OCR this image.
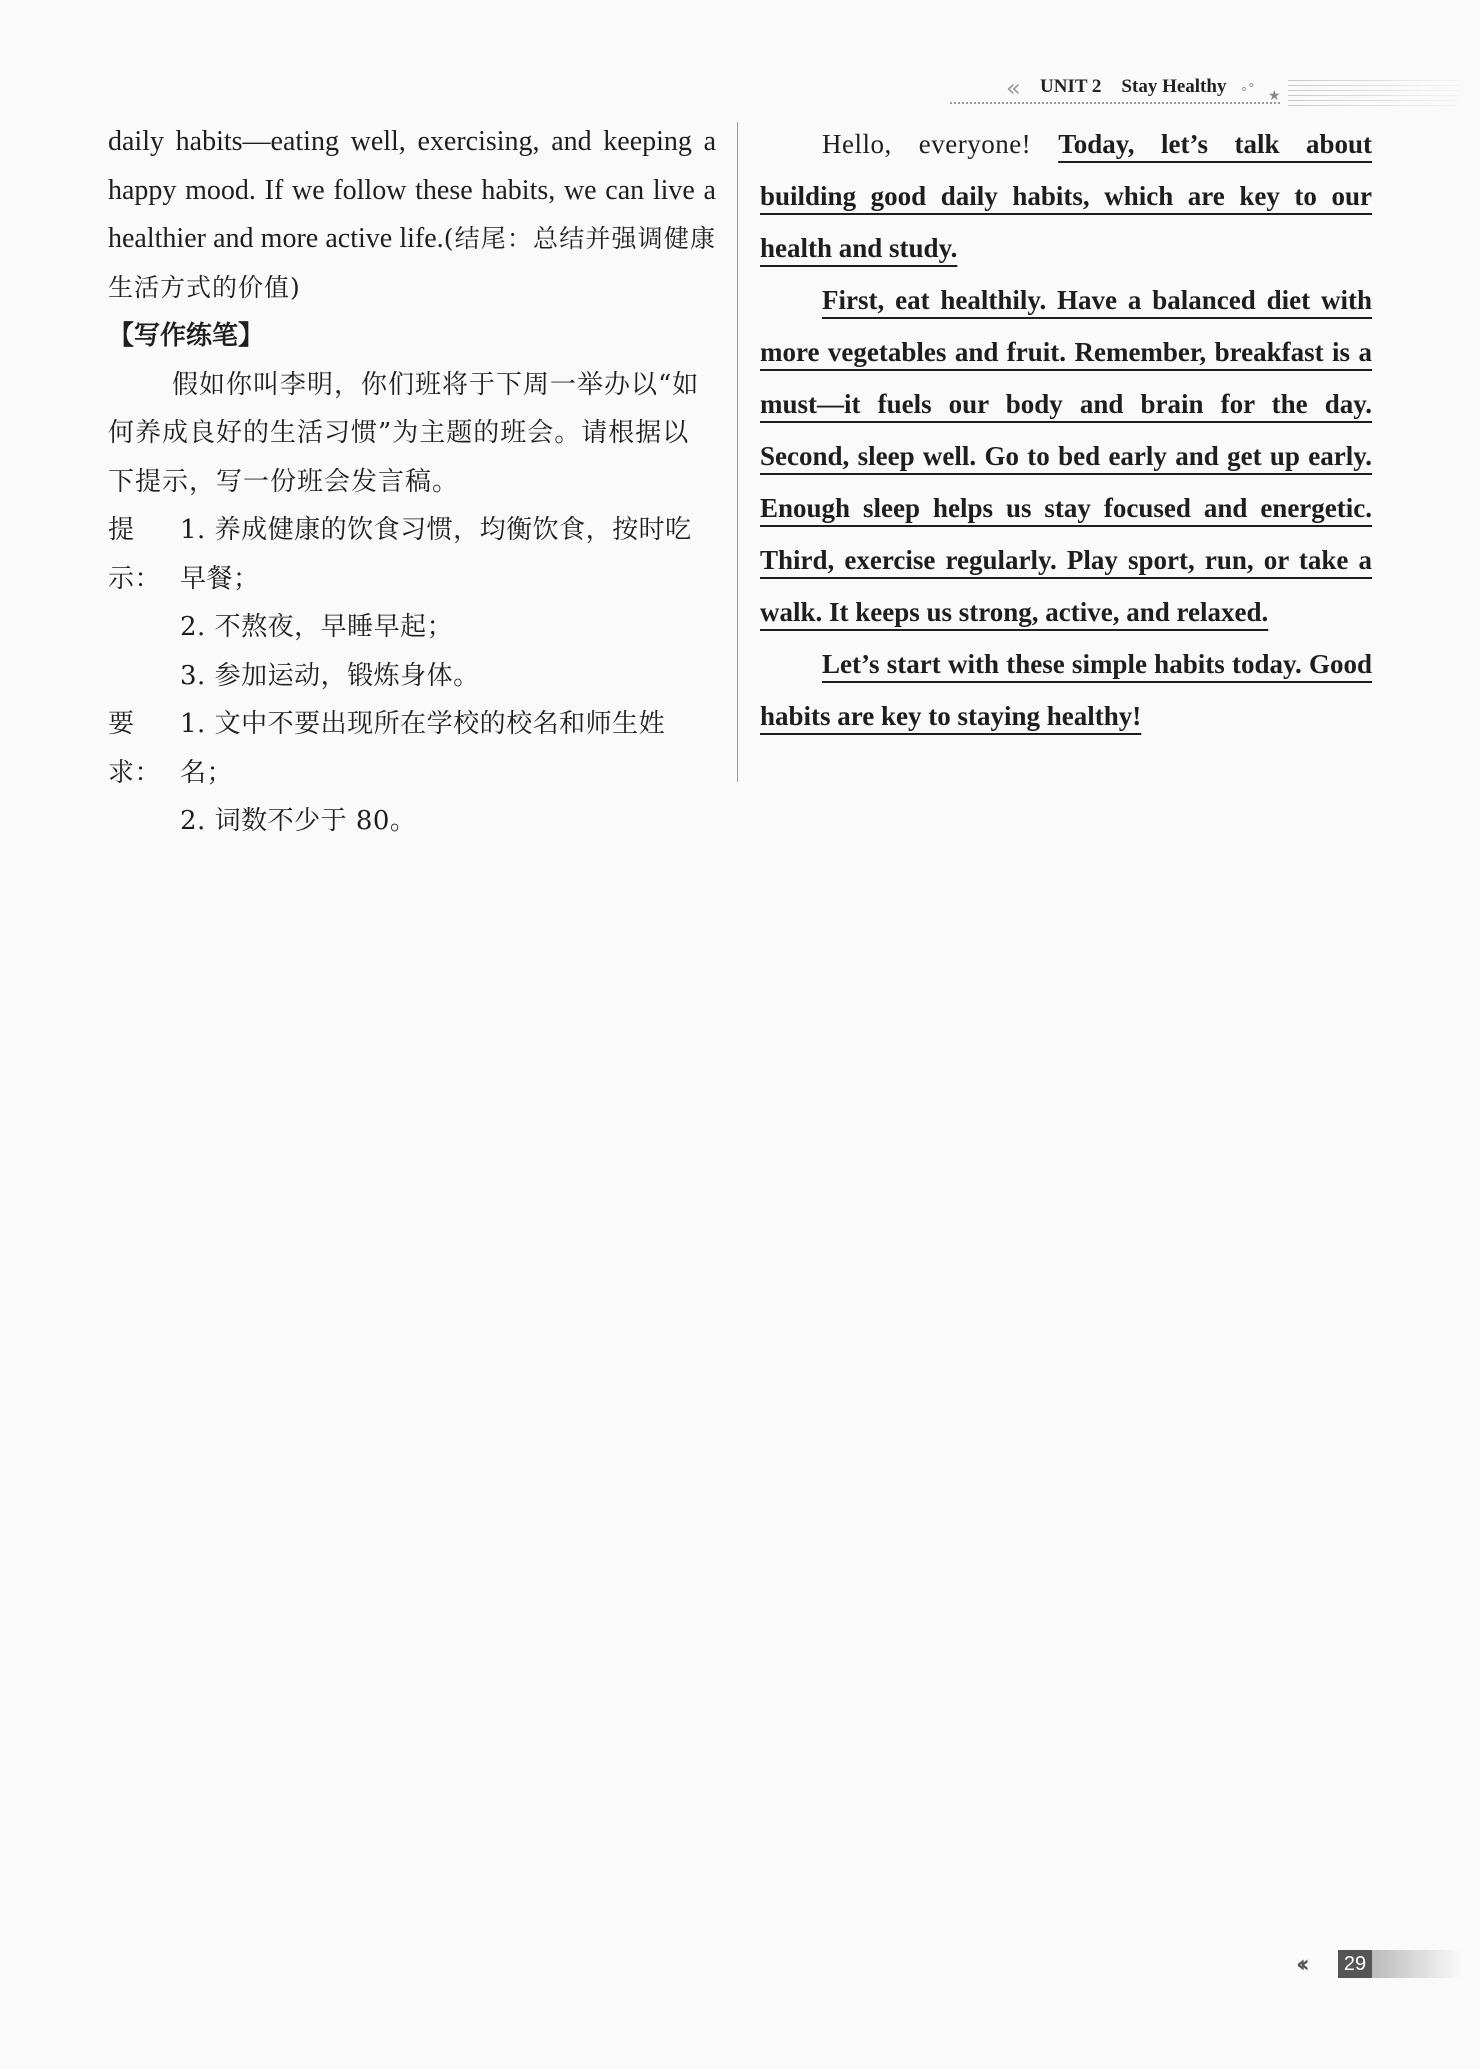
« UNIT 2 Stay Healthy ∘° ★

daily habits—eating well, exercising, and keeping a happy mood. If we follow these habits, we can live a healthier and more active life.(结尾：总结并强调健康生活方式的价值)

【写作练笔】

假如你叫李明，你们班将于下周一举办以“如何养成良好的生活习惯”为主题的班会。请根据以下提示，写一份班会发言稿。

提示：
1. 养成健康的饮食习惯，均衡饮食，按时吃早餐；
2. 不熬夜，早睡早起；
3. 参加运动，锻炼身体。
要求：
1. 文中不要出现所在学校的校名和师生姓名；
2. 词数不少于 80。

Hello, everyone! Today, let’s talk about building good daily habits, which are key to our health and study.

First, eat healthily. Have a balanced diet with more vegetables and fruit. Remember, breakfast is a must—it fuels our body and brain for the day. Second, sleep well. Go to bed early and get up early. Enough sleep helps us stay focused and energetic. Third, exercise regularly. Play sport, run, or take a walk. It keeps us strong, active, and relaxed.

Let’s start with these simple habits today. Good habits are key to staying healthy!

‹‹ 29
